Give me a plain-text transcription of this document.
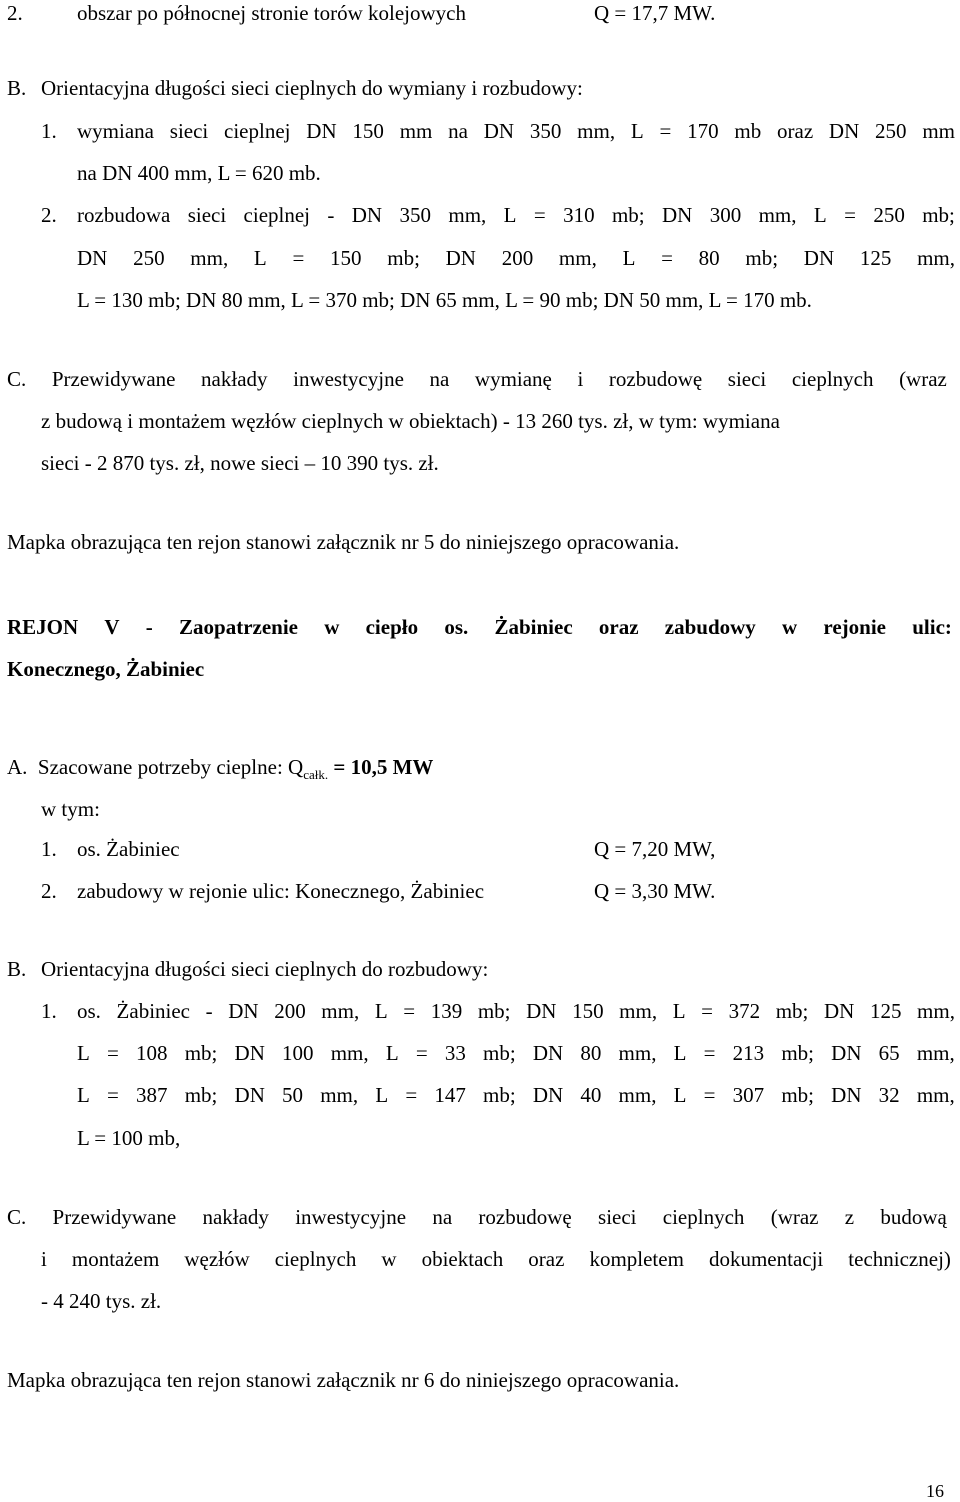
2.	obszar po północnej stronie torów kolejowych	Q = 17,7 MW.
B. Orientacyjna długości sieci cieplnych do wymiany i rozbudowy:
1. wymiana sieci cieplnej DN 150 mm na DN 350 mm, L = 170 mb oraz DN 250 mm
na DN 400 mm, L = 620 mb.
2. rozbudowa sieci cieplnej - DN 350 mm, L = 310 mb; DN 300 mm, L = 250 mb;
DN 250 mm, L = 150 mb; DN 200 mm, L = 80 mb; DN 125 mm,
L = 130 mb; DN 80 mm, L = 370 mb; DN 65 mm, L = 90 mb; DN 50 mm, L = 170 mb.
C. Przewidywane nakłady inwestycyjne na wymianę i rozbudowę sieci cieplnych (wraz
z budową i montażem węzłów cieplnych w obiektach) - 13 260 tys. zł, w tym: wymiana
sieci - 2 870 tys. zł, nowe sieci – 10 390 tys. zł.
Mapka obrazująca ten rejon stanowi załącznik nr 5 do niniejszego opracowania.
REJON V - Zaopatrzenie w ciepło os. Żabiniec oraz zabudowy w rejonie ulic:
Konecznego, Żabiniec
A.  Szacowane potrzeby cieplne: $Q_{całk.} = 10,5$ MW
w tym:
1. os. Żabiniec	Q = 7,20 MW,
2. zabudowy w rejonie ulic: Konecznego, Żabiniec	Q = 3,30 MW.
B. Orientacyjna długości sieci cieplnych do rozbudowy:
1. os. Żabiniec - DN 200 mm, L = 139 mb; DN 150 mm, L = 372 mb; DN 125 mm,
L = 108 mb; DN 100 mm, L = 33 mb; DN 80 mm, L = 213 mb; DN 65 mm,
L = 387 mb; DN 50 mm, L = 147 mb; DN 40 mm, L = 307 mb; DN 32 mm,
L = 100 mb,
C. Przewidywane nakłady inwestycyjne na rozbudowę sieci cieplnych (wraz z budową
i montażem węzłów cieplnych w obiektach oraz kompletem dokumentacji technicznej)
- 4 240 tys. zł.
Mapka obrazująca ten rejon stanowi załącznik nr 6 do niniejszego opracowania.
16
